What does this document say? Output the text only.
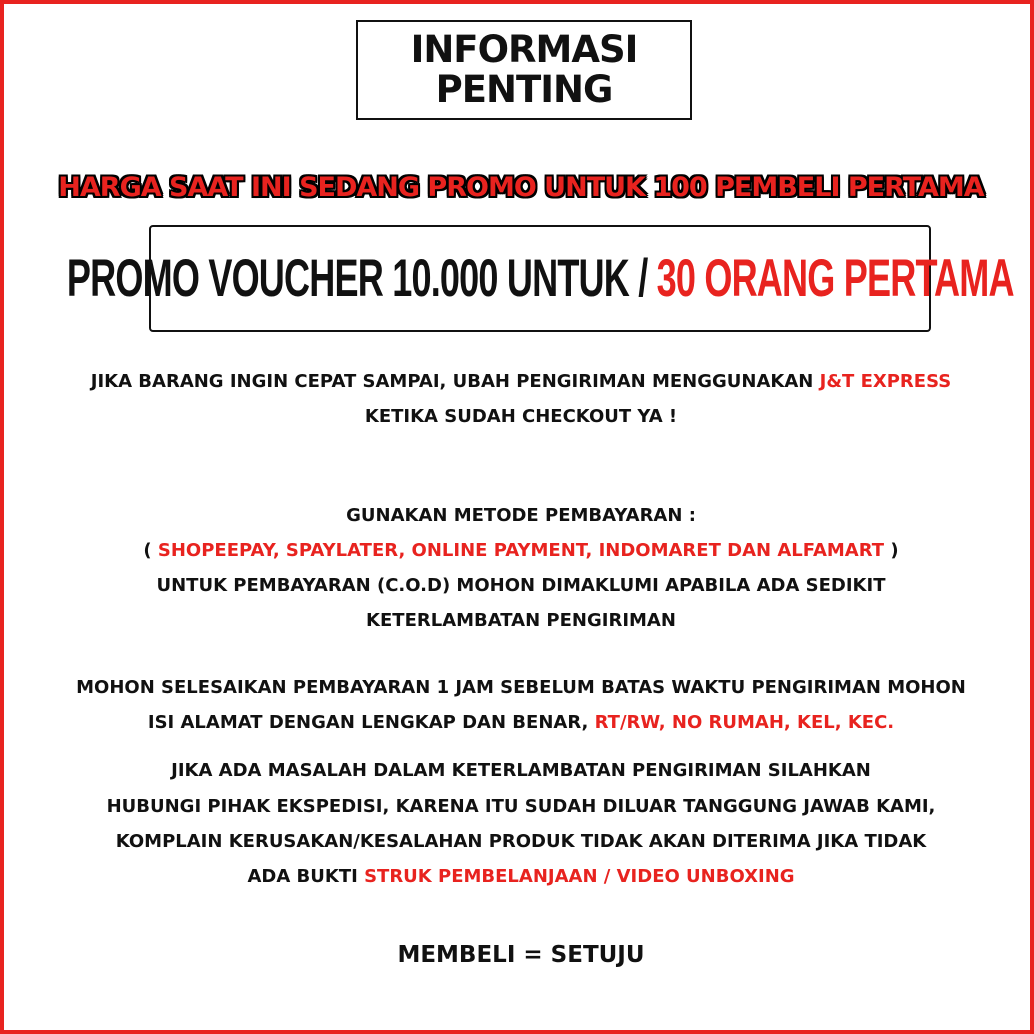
INFORMASI
PENTING
HARGA SAAT INI SEDANG PROMO UNTUK 100 PEMBELI PERTAMA
PROMO VOUCHER 10.000 UNTUK / 30 ORANG PERTAMA
JIKA BARANG INGIN CEPAT SAMPAI, UBAH PENGIRIMAN MENGGUNAKAN J&T EXPRESS
KETIKA SUDAH CHECKOUT YA !
GUNAKAN METODE PEMBAYARAN :
( SHOPEEPAY, SPAYLATER, ONLINE PAYMENT, INDOMARET DAN ALFAMART )
UNTUK PEMBAYARAN (C.O.D) MOHON DIMAKLUMI APABILA ADA SEDIKIT
KETERLAMBATAN PENGIRIMAN
MOHON SELESAIKAN PEMBAYARAN 1 JAM SEBELUM BATAS WAKTU PENGIRIMAN MOHON
ISI ALAMAT DENGAN LENGKAP DAN BENAR, RT/RW, NO RUMAH, KEL, KEC.
JIKA ADA MASALAH DALAM KETERLAMBATAN PENGIRIMAN SILAHKAN
HUBUNGI PIHAK EKSPEDISI, KARENA ITU SUDAH DILUAR TANGGUNG JAWAB KAMI,
KOMPLAIN KERUSAKAN/KESALAHAN PRODUK TIDAK AKAN DITERIMA JIKA TIDAK
ADA BUKTI STRUK PEMBELANJAAN / VIDEO UNBOXING
MEMBELI = SETUJU
